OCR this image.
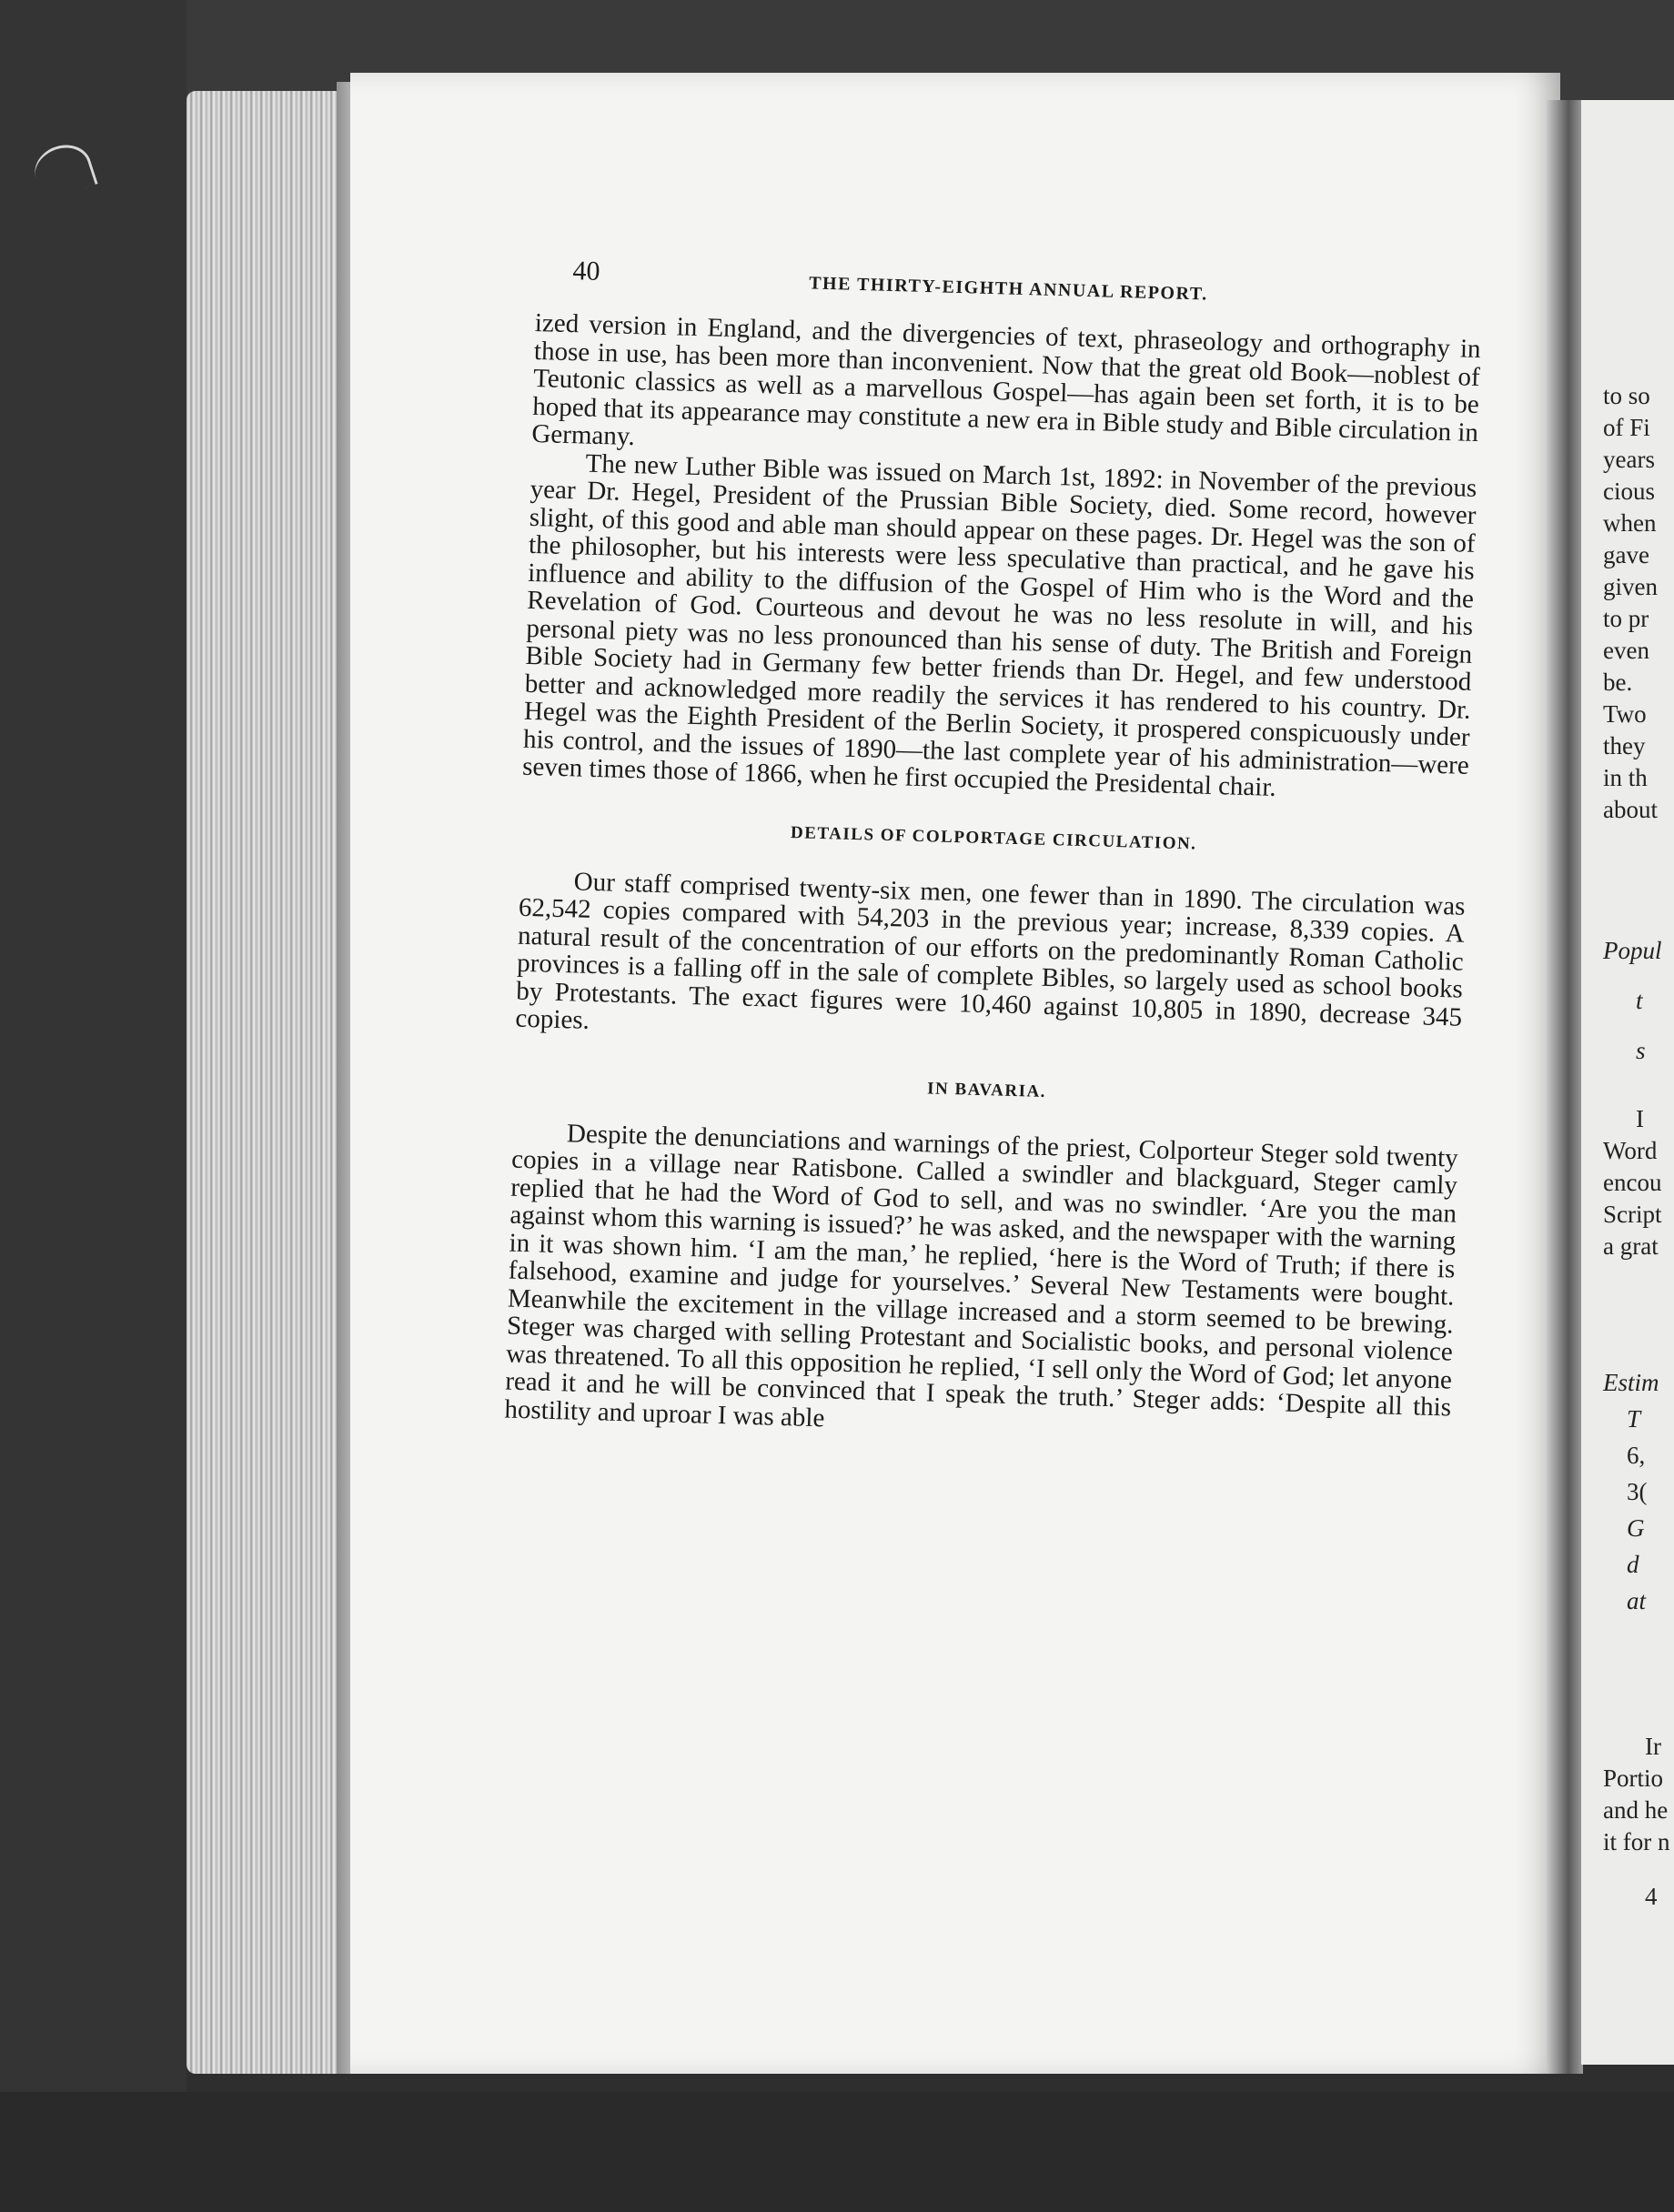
to so
of Fi
years
cious
when
gave
given
to pr
even
be.
Two
they
in th
about
Popul
t
s
I
Word
encou
Script
a grat
Estim
T
6,
3(
G
d
at
Ir
Portio
and he
it for n
4
40
THE THIRTY-EIGHTH ANNUAL REPORT.

ized version in England, and the divergencies of text, phraseology and orthography in those in use, has been more than inconvenient. Now that the great old Book—noblest of Teutonic classics as well as a marvellous Gospel—has again been set forth, it is to be hoped that its appearance may constitute a new era in Bible study and Bible circulation in Germany.

The new Luther Bible was issued on March 1st, 1892: in November of the previous year Dr. Hegel, President of the Prussian Bible Society, died. Some record, however slight, of this good and able man should appear on these pages. Dr. Hegel was the son of the philosopher, but his interests were less speculative than practical, and he gave his influence and ability to the diffusion of the Gospel of Him who is the Word and the Revelation of God. Courteous and devout he was no less resolute in will, and his personal piety was no less pronounced than his sense of duty. The British and Foreign Bible Society had in Germany few better friends than Dr. Hegel, and few understood better and acknowledged more readily the services it has rendered to his country. Dr. Hegel was the Eighth President of the Berlin Society, it prospered conspicuously under his control, and the issues of 1890—the last complete year of his administration—were seven times those of 1866, when he first occupied the Presidental chair.

DETAILS OF COLPORTAGE CIRCULATION.

Our staff comprised twenty-six men, one fewer than in 1890. The circulation was 62,542 copies compared with 54,203 in the previous year; increase, 8,339 copies. A natural result of the concentration of our efforts on the predominantly Roman Catholic provinces is a falling off in the sale of complete Bibles, so largely used as school books by Protestants. The exact figures were 10,460 against 10,805 in 1890, decrease 345 copies.

IN BAVARIA.

Despite the denunciations and warnings of the priest, Colporteur Steger sold twenty copies in a village near Ratisbone. Called a swindler and blackguard, Steger camly replied that he had the Word of God to sell, and was no swindler. ‘Are you the man against whom this warning is issued?’ he was asked, and the newspaper with the warning in it was shown him. ‘I am the man,’ he replied, ‘here is the Word of Truth; if there is falsehood, examine and judge for yourselves.’ Several New Testaments were bought. Meanwhile the excitement in the village increased and a storm seemed to be brewing. Steger was charged with selling Protestant and Socialistic books, and personal violence was threatened. To all this opposition he replied, ‘I sell only the Word of God; let anyone read it and he will be convinced that I speak the truth.’ Steger adds: ‘Despite all this hostility and uproar I was able
